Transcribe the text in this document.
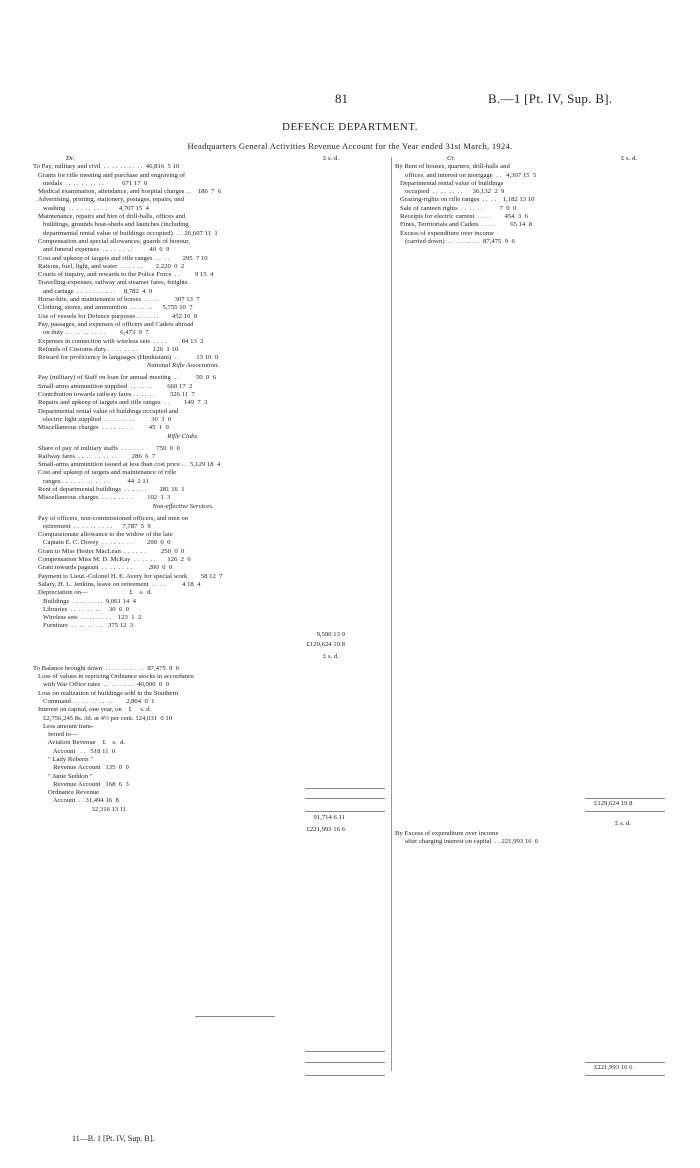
81	B.—1 [Pt. IV, Sup. B].
DEFENCE DEPARTMENT.
Headquarters General Activities Revenue Account for the Year ended 31st March, 1924.
Dr.	£ s. d.
To Pay, military and civil  . .  . .  . .  . .  . .  46,816  5 10
Grants for rifle meeting and purchase and engraving of
medals  . .  . .  . .  . .  . .           671 17  0
Medical examination, attendance, and hospital charges . .    186  7  6
Advertising, printing, stationery, postages, repairs, and
washing  . .  . .  . .  . .  . .       4,707 15  4
Maintenance, repairs and hire of drill-halls, offices and
buildings, grounds boat-sheds and launches (including
departmental rental value of buildings occupied)  . .  26,607 11  1
Compensation and special allowances, guards of honour,
and funeral expenses  . .  . .  . .  . .          40  6  9
Cost and upkeep of targets and rifle ranges  . .  . .        295  7 10
Rations, fuel, light, and water  . .  . .  . .        2,220  0  2
Courts of inquiry, and rewards to the Police Force  . .         9 15  4
Travelling-expenses, railway and steamer fares, freights
and cartage  . .  . .  . .  . .  . .     8,782  4  9
Horse-hire, and maintenance of horses  . .  . .          307 13  7
Clothing, stores, and ammunition  . .  . .  . .      5,755 10  7
Use of vessels for Defence purposes . .  . .  . .        452 10  0
Pay, passages, and expenses of officers and Cadets abroad
on duty  . .  . .  . .  . .  . .         6,473  9  7
Expenses in connection with wireless sets  . .  . .         84 13  2
Refunds of Customs duty . .  . .  . .  . .         126  1 10
Reward for proficiency in languages (Hindustani)  . .          13 10  0
National Rifle Association.
Pay (military) of Staff on loan for annual meeting  . .          50  0  6
Small-arms ammunition supplied  . .  . .  . .         660 17  2
Contribution towards railway fares . .  . .  . .         326 11  7
Repairs and upkeep of targets and rifle ranges  . .         149  7  3
Departmental rental value of buildings occupied and
electric light supplied  . .  . .  . .  . .          30  3  0
Miscellaneous charges  . .  . .  . .  . .          45  1  9
Rifle Clubs.
Share of pay of military staffs  . .  . .  . .        750  0  0
Railway fares  . .  . .  . .  . .  . .         286  6  7
Small-arms ammunition issued at less than cost price . .  5,129 18  4
Cost and upkeep of targets and maintenance of rifle
ranges . .  . .  . .  . .  . .  . .           44  2 11
Rent of departmental buildings  . .  . .  . .        281 16  1
Miscellaneous charges  . .  . .  . .  . .         102  1  3
Non-effective Services.
Pay of officers, non-commissioned officers, and men on
retirement  . .  . .  . .  . .  . .      7,787  5  9
Compassionate allowance to the widow of the late
Captain E. C. Dovey  . .  . .  . .  . .         200  0  0
Grant to Miss Hester MacLean  . .  . .  . .         250  0  0
Compensation Miss M. D. McKay  . .  . .  . .       126  2  6
Grant towards pageant  . .  . .  . .  . .          200  0  0
Payment to Lieut.-Colonel H. E. Avery for special work        58 12  7
Salary, H. L. Jenkins, leave on retirement  . .  . .          4 18  4
Depreciation on—                         £    s.  d.
Buildings  . .  . .  . .  . .  9,061 14  4
Libraries  . .  . .  . .  . .     30  6  0
Wireless sets  . .  . .  . .  . .    123  1  2
Furniture  . .  . .  . .  . .    375 12  3
9,590 13 9
£129,624 19 8
£ s. d.
To Balance brought down  . .  . .  . .  . .  . .  87,475  9  6
Loss of values in repricing Ordnance stocks in accordance
with War Office rates  . .  . .  . .  . .  40,000  0  0
Loss on realization of buildings sold in the Southern
Command  . .  . .  . .  . .  . .        2,804  0  1
Interest on capital, one year, on    £     s. d.
£2,756,245 8s. 3d. at 4½ per cent. 124,031  0 10
Less amount trans-
ferred to—
Aviation Revenue    £    s.  d.
Account   . .   518 11  0
" Lady Roberts "
Revenue Account   135  0  0
" Janie Seddon "
Revenue Account   168  6  3
Ordnance Revenue
Account  . . 31,494 16  8
32,316 13 11
91,714 6 11
£221,993 16 6
Cr.	£ s. d.
By Rent of houses, quarters, drill-halls and
offices, and interest on mortgage  . .   4,307 15  5
Departmental rental value of buildings
occupied  . .  . .  . .  . .      36,132  2  9
Grazing-rights on rifle ranges  . .  . .    1,182 13 10
Sale of canteen rights  . .  . .  . .          7  0  0
Receipts for electric current  . .  . .        454  3  6
Fines, Territorials and Cadets  . .  . .         65 14  8
Excess of expenditure over income
(carried down)  . .  . .  . .  . .   87,475  9  6
£129,624 19 8
£ s. d.
By Excess of expenditure over income
after charging interest on capital  . . 221,993 16  6
£221,993 16 6
11—B. 1 [Pt. IV, Sup. B].
